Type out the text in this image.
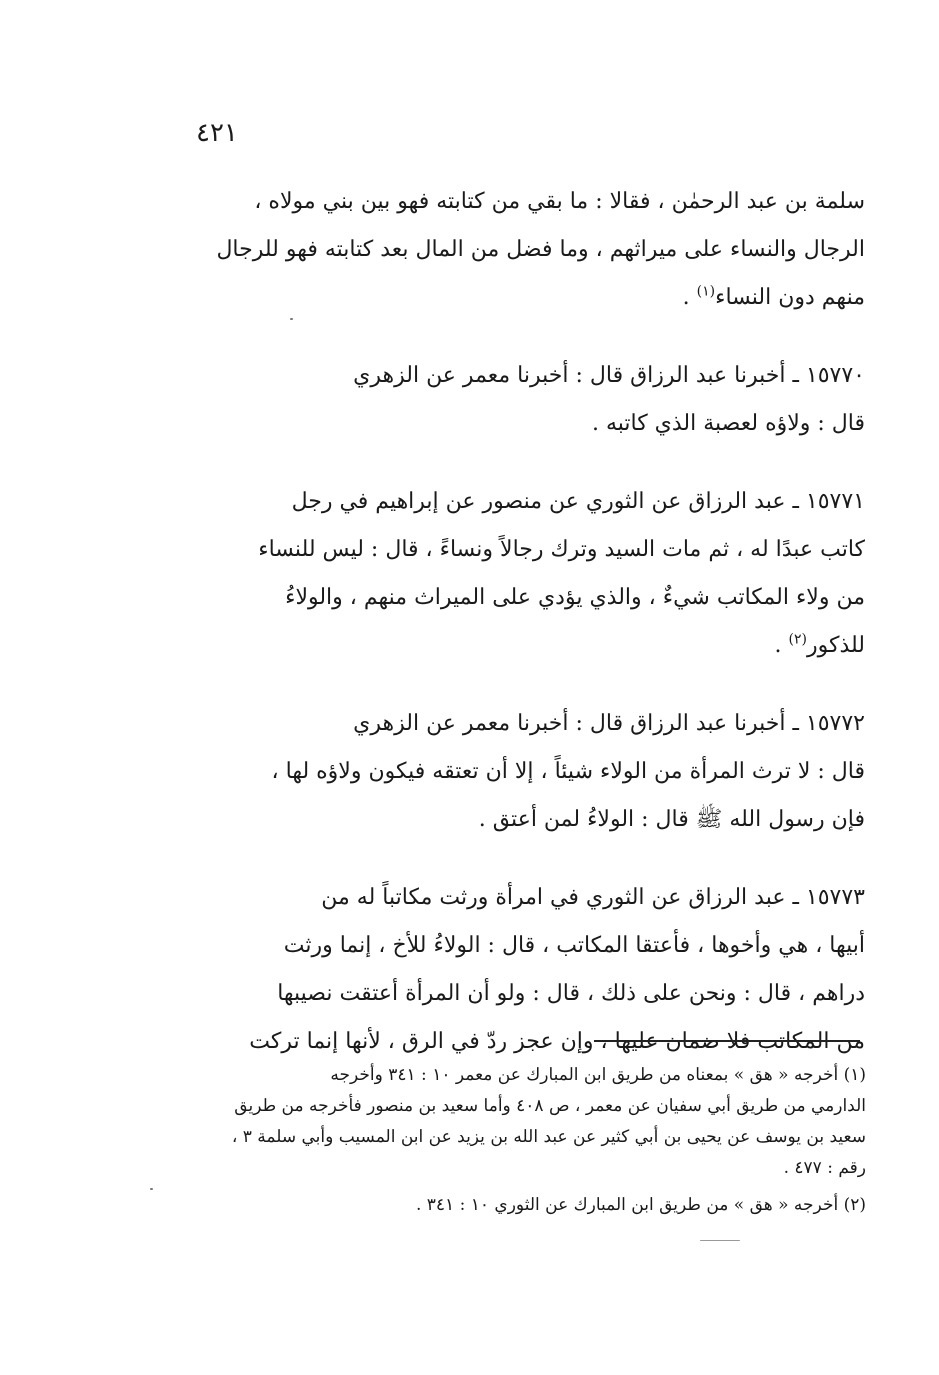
٤٢١

سلمة بن عبد الرحمٰن ، فقالا : ما بقي من كتابته فهو بين بني مولاه ،
الرجال والنساء على ميراثهم ، وما فضل من المال بعد كتابته فهو للرجال
منهم دون النساء$^{(١)}$ .

١٥٧٧٠ ـ أخبرنا عبد الرزاق قال : أخبرنا معمر عن الزهري
قال : ولاؤه لعصبة الذي كاتبه .

١٥٧٧١ ـ عبد الرزاق عن الثوري عن منصور عن إبراهيم في رجل
كاتب عبدًا له ، ثم مات السيد وترك رجالاً ونساءً ، قال : ليس للنساء
من ولاء المكاتب شيءٌ ، والذي يؤدي على الميراث منهم ، والولاءُ
للذكور$^{(٢)}$ .

١٥٧٧٢ ـ أخبرنا عبد الرزاق قال : أخبرنا معمر عن الزهري
قال : لا ترث المرأة من الولاء شيئاً ، إلا أن تعتقه فيكون ولاؤه لها ،
فإن رسول الله ﷺ قال : الولاءُ لمن أعتق .

١٥٧٧٣ ـ عبد الرزاق عن الثوري في امرأة ورثت مكاتباً له من
أبيها ، هي وأخوها ، فأعتقا المكاتب ، قال : الولاءُ للأخ ، إنما ورثت
دراهم ، قال : ونحن على ذلك ، قال : ولو أن المرأة أعتقت نصيبها
من المكاتب فلا ضمان عليها ، وإن عجز ردّ في الرق ، لأنها إنما تركت

(١) أخرجه « هق » بمعناه من طريق ابن المبارك عن معمر ١٠ : ٣٤١ وأخرجه
الدارمي من طريق أبي سفيان عن معمر ، ص ٤٠٨ وأما سعيد بن منصور فأخرجه من طريق
سعيد بن يوسف عن يحيى بن أبي كثير عن عبد الله بن يزيد عن ابن المسيب وأبي سلمة ٣ ،
رقم : ٤٧٧ .
(٢) أخرجه « هق » من طريق ابن المبارك عن الثوري ١٠ : ٣٤١ .
